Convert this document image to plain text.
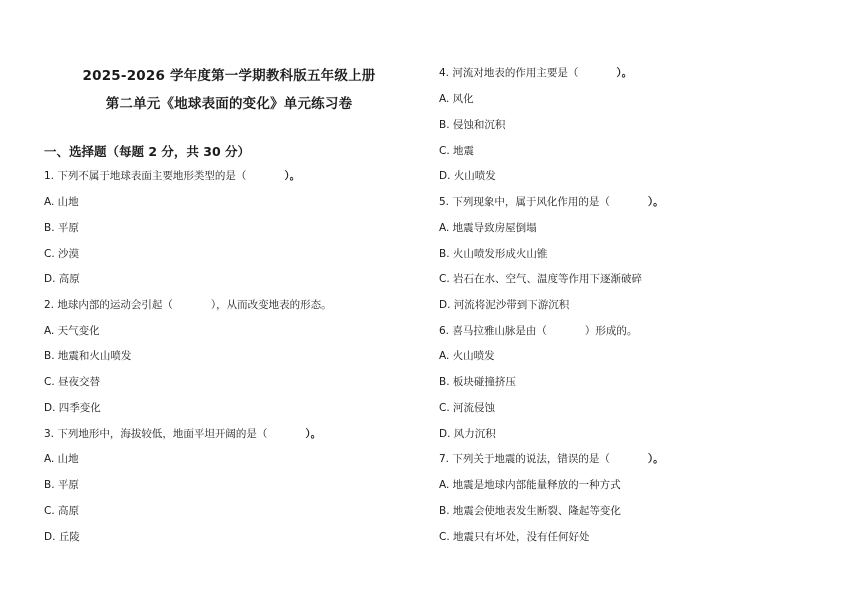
2025-2026 学年度第一学期教科版五年级上册
第二单元《地球表面的变化》单元练习卷
一、选择题（每题 2 分，共 30 分）
1. 下列不属于地球表面主要地形类型的是（	）。
A. 山地
B. 平原
C. 沙漠
D. 高原
2. 地球内部的运动会引起（	），从而改变地表的形态。
A. 天气变化
B. 地震和火山喷发
C. 昼夜交替
D. 四季变化
3. 下列地形中，海拔较低，地面平坦开阔的是（	）。
A. 山地
B. 平原
C. 高原
D. 丘陵
4. 河流对地表的作用主要是（	）。
A. 风化
B. 侵蚀和沉积
C. 地震
D. 火山喷发
5. 下列现象中，属于风化作用的是（	）。
A. 地震导致房屋倒塌
B. 火山喷发形成火山锥
C. 岩石在水、空气、温度等作用下逐渐破碎
D. 河流将泥沙带到下游沉积
6. 喜马拉雅山脉是由（	）形成的。
A. 火山喷发
B. 板块碰撞挤压
C. 河流侵蚀
D. 风力沉积
7. 下列关于地震的说法，错误的是（	）。
A. 地震是地球内部能量释放的一种方式
B. 地震会使地表发生断裂、隆起等变化
C. 地震只有坏处，没有任何好处
